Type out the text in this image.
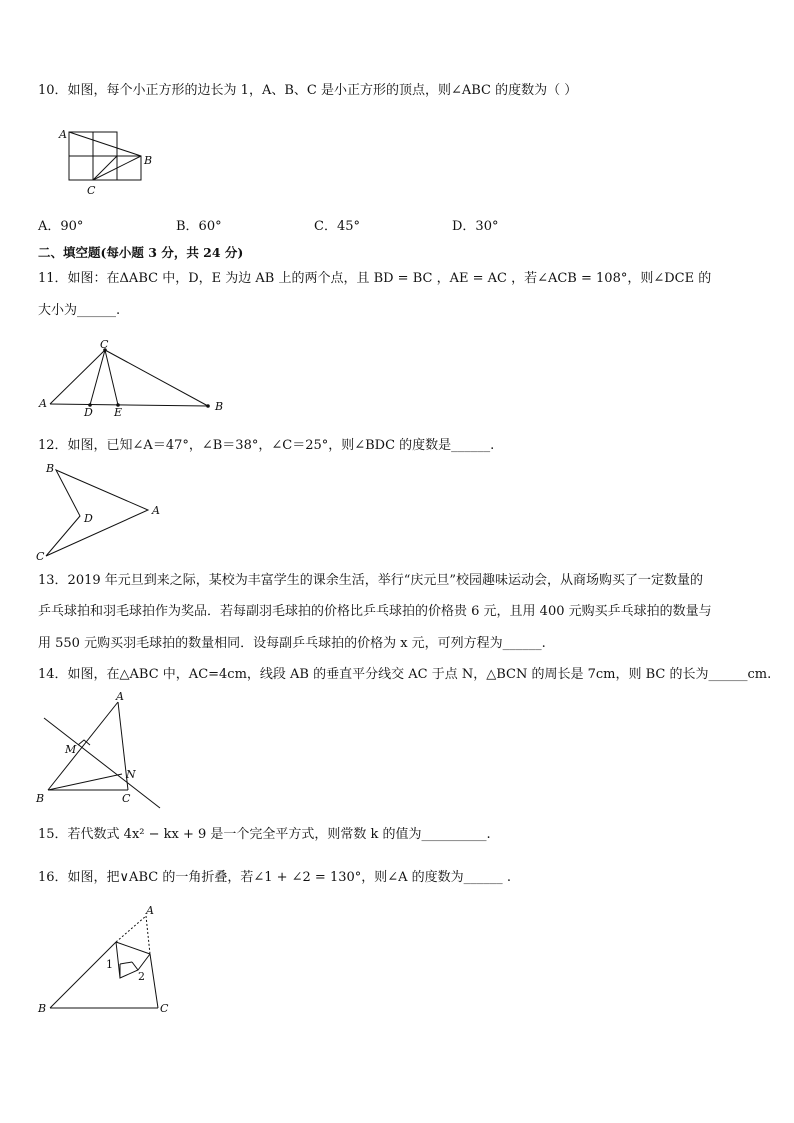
10．如图，每个小正方形的边长为 1，A、B、C 是小正方形的顶点，则∠ABC 的度数为（ ）
A
B
C
A．90°	B．60°	C．45°	D．30°
二、填空题(每小题 3 分，共 24 分)
11．如图：在ΔABC 中，D，E 为边 AB 上的两个点，且 BD = BC ，AE = AC ，若∠ACB = 108°，则∠DCE 的
大小为______.
A
C
D E	B
12．如图，已知∠A＝47°，∠B＝38°，∠C＝25°，则∠BDC 的度数是______.
B
A
D
C
13．2019 年元旦到来之际，某校为丰富学生的课余生活，举行“庆元旦”校园趣味运动会，从商场购买了一定数量的
乒乓球拍和羽毛球拍作为奖品．若每副羽毛球拍的价格比乒乓球拍的价格贵 6 元，且用 400 元购买乒乓球拍的数量与
用 550 元购买羽毛球拍的数量相同．设每副乒乓球拍的价格为 x 元，可列方程为______.
14．如图，在△ABC 中，AC=4cm，线段 AB 的垂直平分线交 AC 于点 N，△BCN 的周长是 7cm，则 BC 的长为______cm.
A
M
N
B	C
15．若代数式 4x² − kx + 9 是一个完全平方式，则常数 k 的值为__________.
16．如图，把∨ABC 的一角折叠，若∠1 + ∠2 = 130°，则∠A 的度数为______ .
A
1
2
B	C
